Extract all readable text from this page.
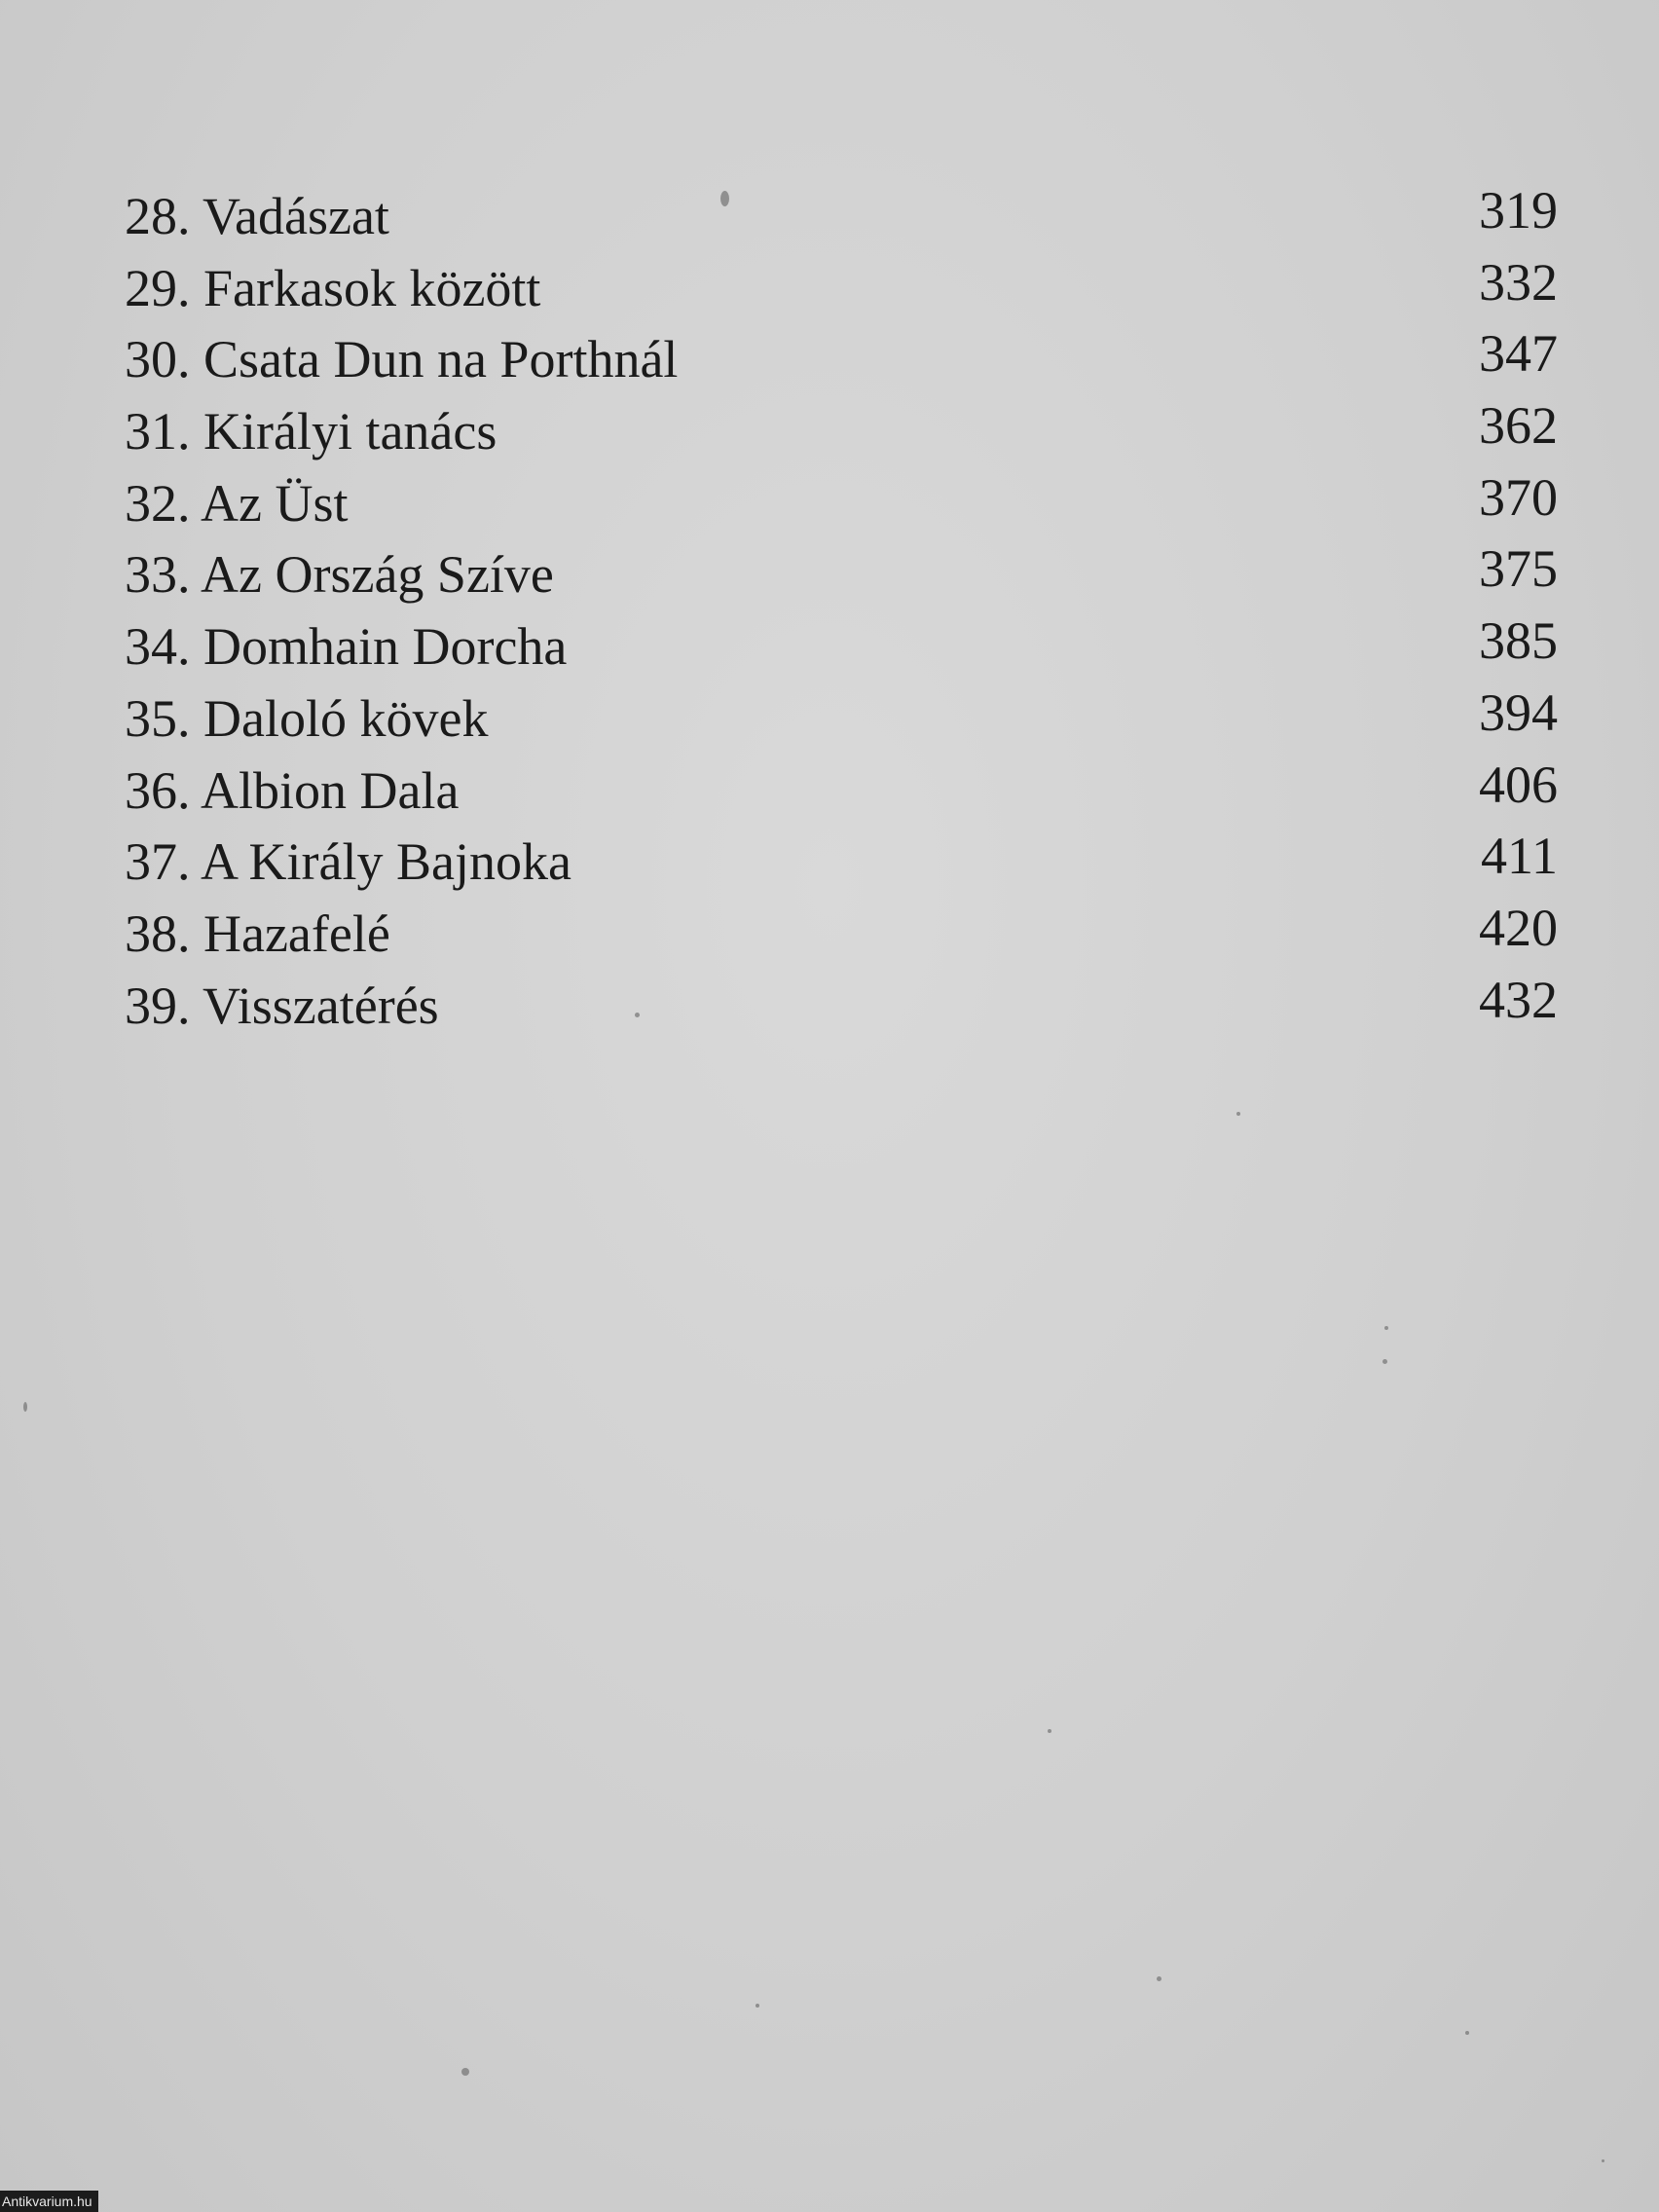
28. Vadászat	319
29. Farkasok között	332
30. Csata Dun na Porthnál	347
31. Királyi tanács	362
32. Az Üst	370
33. Az Ország Szíve	375
34. Domhain Dorcha	385
35. Daloló kövek	394
36. Albion Dala	406
37. A Király Bajnoka	411
38. Hazafelé	420
39. Visszatérés	432
Antikvarium.hu
